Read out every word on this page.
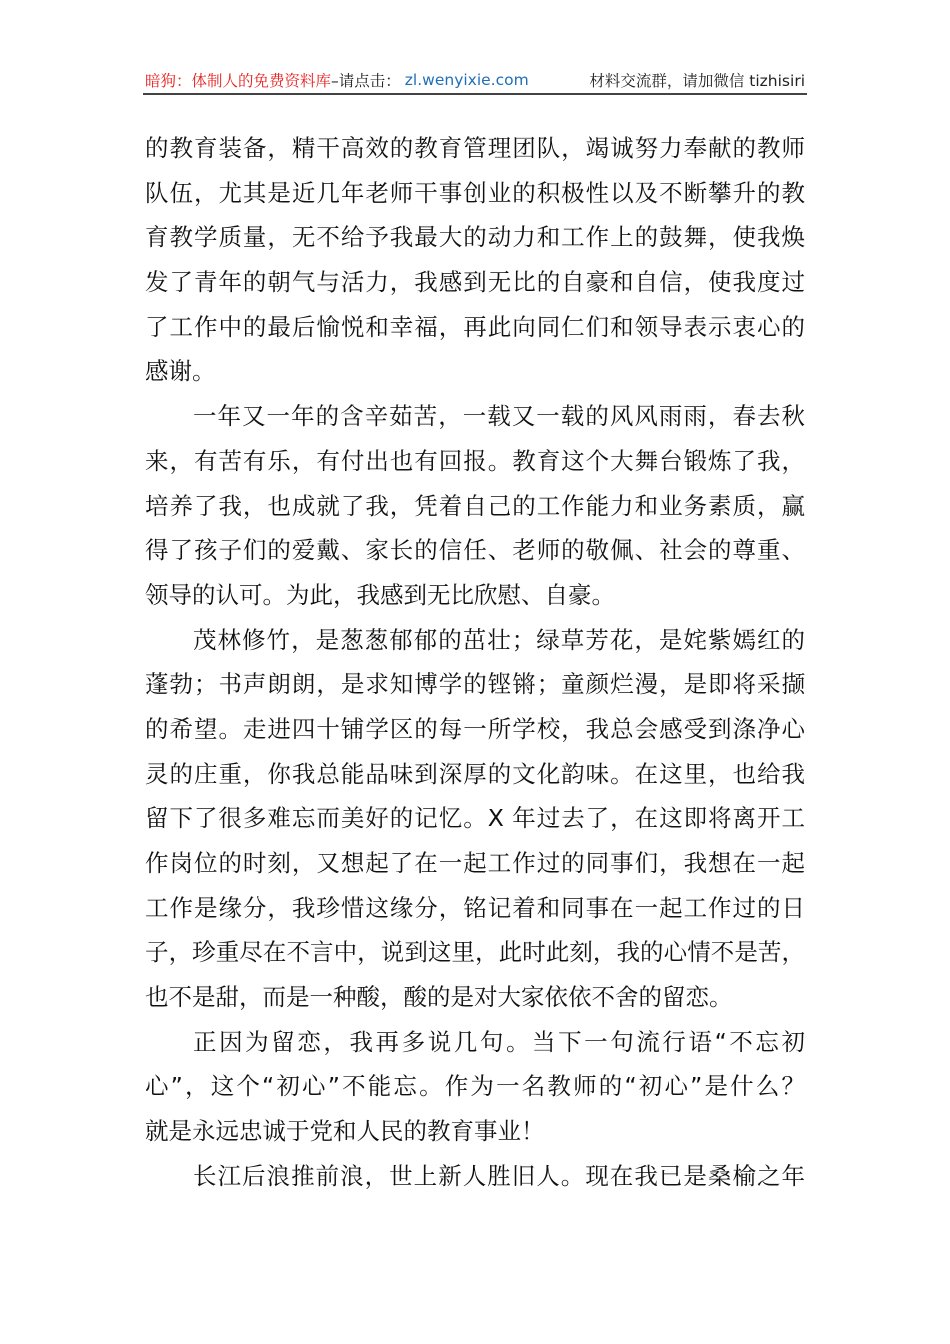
暗狗：体制人的免费资料库 –请点击： zl.wenyixie.com	材料交流群，请加微信 tizhisiri
的教育装备，精干高效的教育管理团队，竭诚努力奉献的教师
队伍，尤其是近几年老师干事创业的积极性以及不断攀升的教
育教学质量，无不给予我最大的动力和工作上的鼓舞，使我焕
发了青年的朝气与活力，我感到无比的自豪和自信，使我度过
了工作中的最后愉悦和幸福，再此向同仁们和领导表示衷心的
感谢。
一年又一年的含辛茹苦，一载又一载的风风雨雨，春去秋
来，有苦有乐，有付出也有回报。教育这个大舞台锻炼了我，
培养了我，也成就了我，凭着自己的工作能力和业务素质，赢
得了孩子们的爱戴、家长的信任、老师的敬佩、社会的尊重、
领导的认可。为此，我感到无比欣慰、自豪。
茂林修竹，是葱葱郁郁的茁壮；绿草芳花，是姹紫嫣红的
蓬勃；书声朗朗，是求知博学的铿锵；童颜烂漫，是即将采撷
的希望。走进四十铺学区的每一所学校，我总会感受到涤净心
灵的庄重，你我总能品味到深厚的文化韵味。在这里，也给我
留下了很多难忘而美好的记忆。X 年过去了，在这即将离开工
作岗位的时刻，又想起了在一起工作过的同事们，我想在一起
工作是缘分，我珍惜这缘分，铭记着和同事在一起工作过的日
子，珍重尽在不言中，说到这里，此时此刻，我的心情不是苦，
也不是甜，而是一种酸，酸的是对大家依依不舍的留恋。
正因为留恋，我再多说几句。当下一句流行语“不忘初
心”，这个“初心”不能忘。作为一名教师的“初心”是什么？
就是永远忠诚于党和人民的教育事业！
长江后浪推前浪，世上新人胜旧人。现在我已是桑榆之年
